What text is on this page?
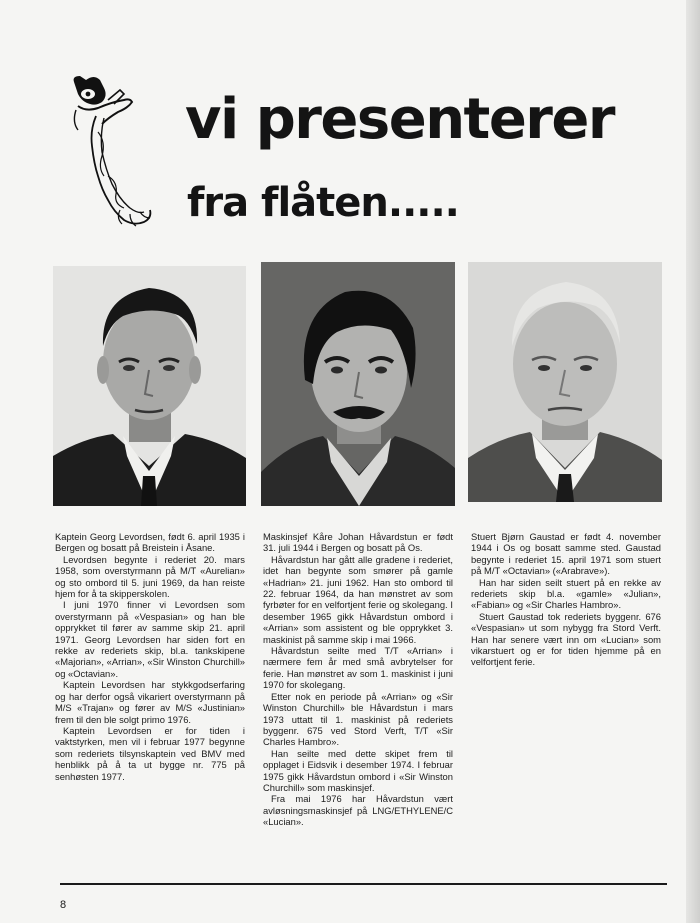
vi presenterer
fra flåten.....

Kaptein Georg Levordsen, født 6. april 1935 i Bergen og bosatt på Breistein i Åsane.

Levordsen begynte i rederiet 20. mars 1958, som overstyrmann på M/T «Aurelian» og sto ombord til 5. juni 1969, da han reiste hjem for å ta skipperskolen.

I juni 1970 finner vi Levordsen som overstyrmann på «Vespasian» og han ble opprykket til fører av samme skip 21. april 1971. Georg Levordsen har siden fort en rekke av rederiets skip, bl.a. tankskipene «Majorian», «Arrian», «Sir Winston Churchill» og «Octavian».

Kaptein Levordsen har stykkgodserfaring og har derfor også vikariert overstyrmann på M/S «Trajan» og fører av M/S «Justinian» frem til den ble solgt primo 1976.

Kaptein Levordsen er for tiden i vaktstyrken, men vil i februar 1977 begynne som rederiets tilsynskaptein ved BMV med henblikk på å ta ut bygge nr. 775 på senhøsten 1977.

Maskinsjef Kåre Johan Håvardstun er født 31. juli 1944 i Bergen og bosatt på Os.

Håvardstun har gått alle gradene i rederiet, idet han begynte som smører på gamle «Hadrian» 21. juni 1962. Han sto ombord til 22. februar 1964, da han mønstret av som fyrbøter for en velfortjent ferie og skolegang. I desember 1965 gikk Håvardstun ombord i «Arrian» som assistent og ble opprykket 3. maskinist på samme skip i mai 1966.

Håvardstun seilte med T/T «Arrian» i nærmere fem år med små avbrytelser for ferie. Han mønstret av som 1. maskinist i juni 1970 for skolegang.

Etter nok en periode på «Arrian» og «Sir Winston Churchill» ble Håvardstun i mars 1973 uttatt til 1. maskinist på rederiets byggenr. 675 ved Stord Verft, T/T «Sir Charles Hambro».

Han seilte med dette skipet frem til opplaget i Eidsvik i desember 1974. I februar 1975 gikk Håvardstun ombord i «Sir Winston Churchill» som maskinsjef.

Fra mai 1976 har Håvardstun vært avløsningsmaskinsjef på LNG/ETHYLENE/C «Lucian».

Stuert Bjørn Gaustad er født 4. november 1944 i Os og bosatt samme sted. Gaustad begynte i rederiet 15. april 1971 som stuert på M/T «Octavian» («Arabrave»).

Han har siden seilt stuert på en rekke av rederiets skip bl.a. «gamle» «Julian», «Fabian» og «Sir Charles Hambro».

Stuert Gaustad tok rederiets byggenr. 676 «Vespasian» ut som nybygg fra Stord Verft. Han har senere vært inn om «Lucian» som vikarstuert og er for tiden hjemme på en velfortjent ferie.

8
